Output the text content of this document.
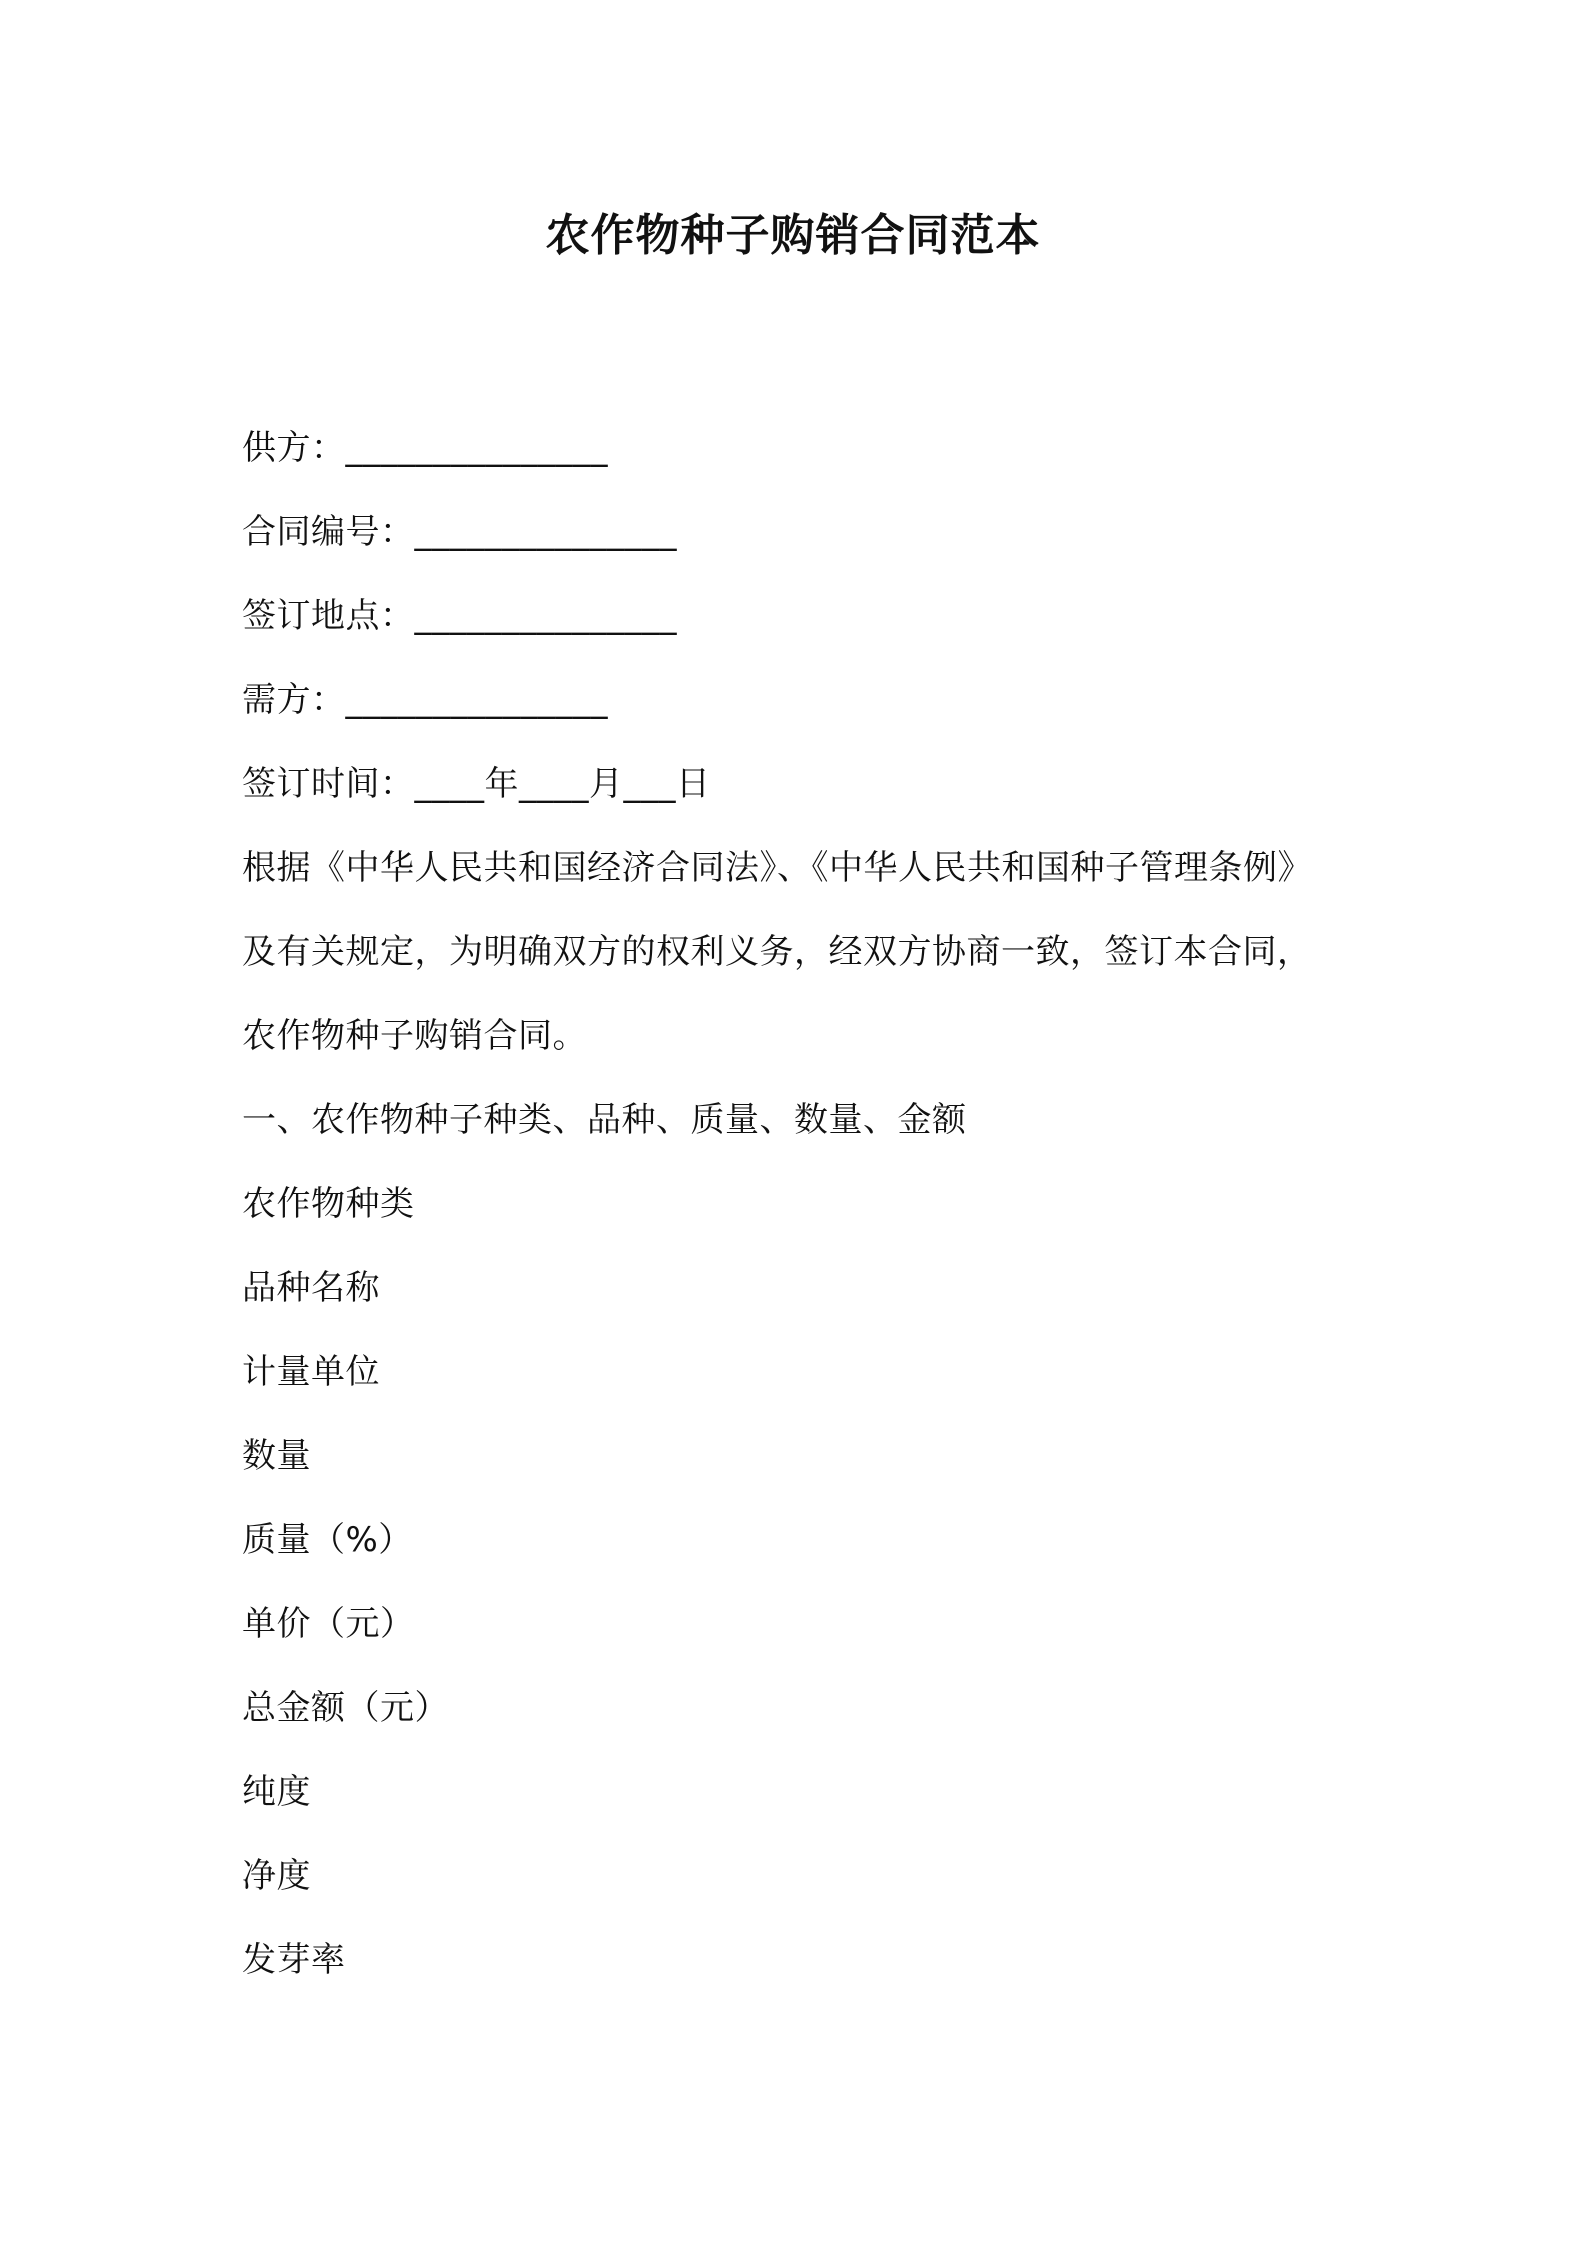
农作物种子购销合同范本
供方：_______________
合同编号：_______________
签订地点：_______________
需方：_______________
签订时间：____年____月___日
根据《中华人民共和国经济合同法》、《中华人民共和国种子管理条例》
及有关规定，为明确双方的权利义务，经双方协商一致，签订本合同，
农作物种子购销合同。
一、农作物种子种类、品种、质量、数量、金额
农作物种类
品种名称
计量单位
数量
质量（%）
单价（元）
总金额（元）
纯度
净度
发芽率
